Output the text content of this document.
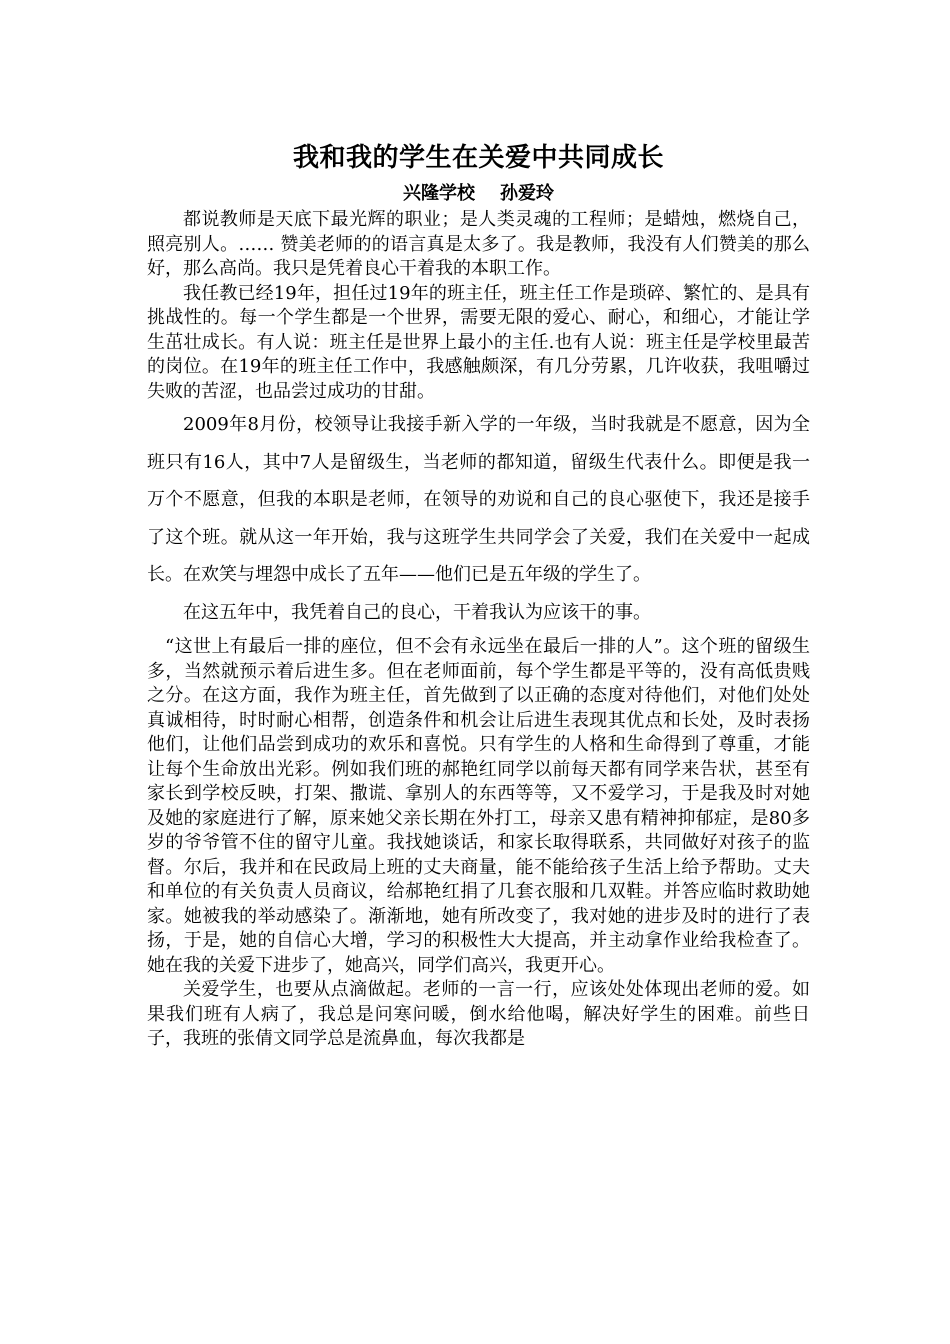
我和我的学生在关爱中共同成长
兴隆学校    孙爱玲

都说教师是天底下最光辉的职业；是人类灵魂的工程师；是蜡烛，燃烧自己，照亮别人。…… 赞美老师的的语言真是太多了。我是教师，我没有人们赞美的那么好，那么高尚。我只是凭着良心干着我的本职工作。

我任教已经19年，担任过19年的班主任，班主任工作是琐碎、繁忙的、是具有挑战性的。每一个学生都是一个世界，需要无限的爱心、耐心，和细心，才能让学生茁壮成长。有人说：班主任是世界上最小的主任.也有人说：班主任是学校里最苦的岗位。在19年的班主任工作中，我感触颇深，有几分劳累，几许收获，我咀嚼过失败的苦涩，也品尝过成功的甘甜。

2009年8月份，校领导让我接手新入学的一年级，当时我就是不愿意，因为全班只有16人，其中7人是留级生，当老师的都知道，留级生代表什么。即便是我一万个不愿意，但我的本职是老师，在领导的劝说和自己的良心驱使下，我还是接手了这个班。就从这一年开始，我与这班学生共同学会了关爱，我们在关爱中一起成长。在欢笑与埋怨中成长了五年——他们已是五年级的学生了。

在这五年中，我凭着自己的良心，干着我认为应该干的事。

“这世上有最后一排的座位，但不会有永远坐在最后一排的人”。这个班的留级生多，当然就预示着后进生多。但在老师面前，每个学生都是平等的，没有高低贵贱之分。在这方面，我作为班主任，首先做到了以正确的态度对待他们，对他们处处真诚相待，时时耐心相帮，创造条件和机会让后进生表现其优点和长处，及时表扬他们，让他们品尝到成功的欢乐和喜悦。只有学生的人格和生命得到了尊重，才能让每个生命放出光彩。例如我们班的郝艳红同学以前每天都有同学来告状，甚至有家长到学校反映，打架、撒谎、拿别人的东西等等，又不爱学习，于是我及时对她及她的家庭进行了解，原来她父亲长期在外打工，母亲又患有精神抑郁症，是80多岁的爷爷管不住的留守儿童。我找她谈话，和家长取得联系，共同做好对孩子的监督。尔后，我并和在民政局上班的丈夫商量，能不能给孩子生活上给予帮助。丈夫和单位的有关负责人员商议，给郝艳红捐了几套衣服和几双鞋。并答应临时救助她家。她被我的举动感染了。渐渐地，她有所改变了，我对她的进步及时的进行了表扬，于是，她的自信心大增，学习的积极性大大提高，并主动拿作业给我检查了。她在我的关爱下进步了，她高兴，同学们高兴，我更开心。

关爱学生，也要从点滴做起。老师的一言一行，应该处处体现出老师的爱。如果我们班有人病了，我总是问寒问暖，倒水给他喝，解决好学生的困难。前些日子，我班的张倩文同学总是流鼻血，每次我都是
